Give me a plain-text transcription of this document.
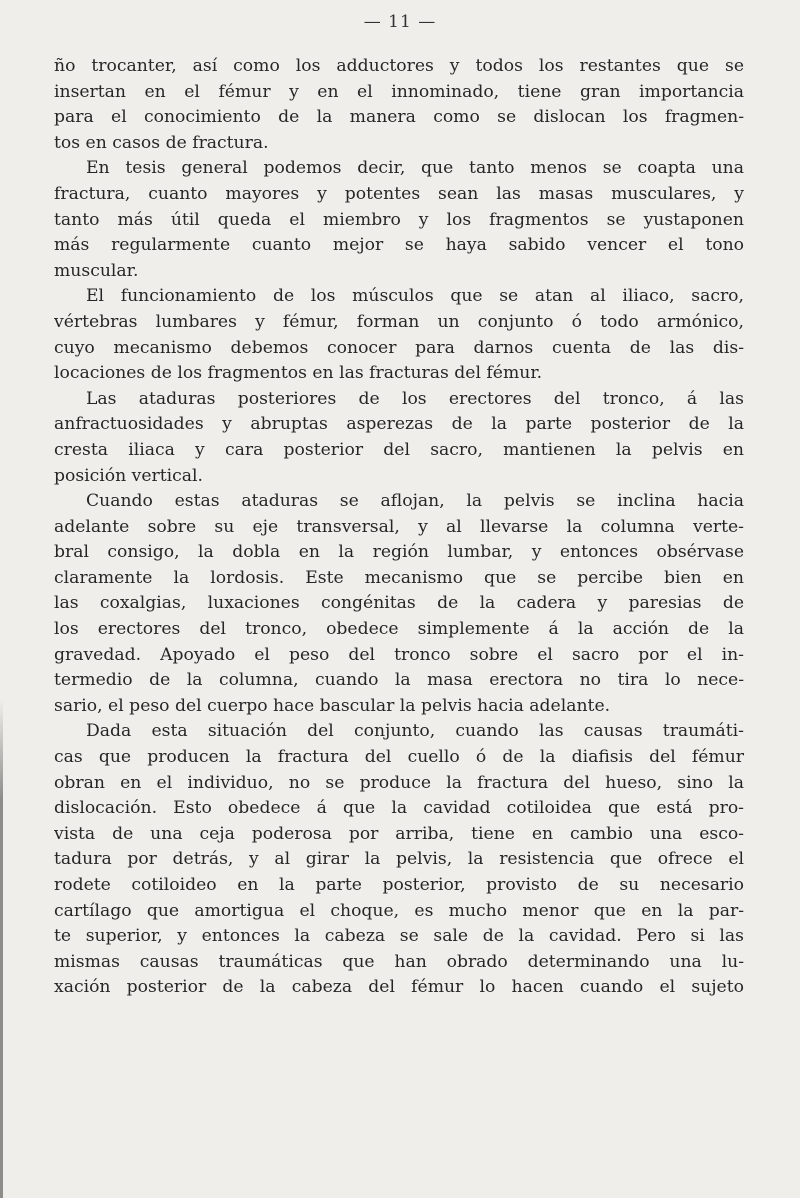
— 11 —
ño trocanter, así como los adductores y todos los restantes que se
insertan en el fémur y en el innominado, tiene gran importancia
para el conocimiento de la manera como se dislocan los fragmen-
tos en casos de fractura.
En tesis general podemos decir, que tanto menos se coapta una
fractura, cuanto mayores y potentes sean las masas musculares, y
tanto más útil queda el miembro y los fragmentos se yustaponen
más regularmente cuanto mejor se haya sabido vencer el tono
muscular.
El funcionamiento de los músculos que se atan al iliaco, sacro,
vértebras lumbares y fémur, forman un conjunto ó todo armónico,
cuyo mecanismo debemos conocer para darnos cuenta de las dis-
locaciones de los fragmentos en las fracturas del fémur.
Las ataduras posteriores de los erectores del tronco, á las
anfractuosidades y abruptas asperezas de la parte posterior de la
cresta iliaca y cara posterior del sacro, mantienen la pelvis en
posición vertical.
Cuando estas ataduras se aflojan, la pelvis se inclina hacia
adelante sobre su eje transversal, y al llevarse la columna verte-
bral consigo, la dobla en la región lumbar, y entonces obsérvase
claramente la lordosis. Este mecanismo que se percibe bien en
las coxalgias, luxaciones congénitas de la cadera y paresias de
los erectores del tronco, obedece simplemente á la acción de la
gravedad. Apoyado el peso del tronco sobre el sacro por el in-
termedio de la columna, cuando la masa erectora no tira lo nece-
sario, el peso del cuerpo hace bascular la pelvis hacia adelante.
Dada esta situación del conjunto, cuando las causas traumáti-
cas que producen la fractura del cuello ó de la diafisis del fémur
obran en el individuo, no se produce la fractura del hueso, sino la
dislocación. Esto obedece á que la cavidad cotiloidea que está pro-
vista de una ceja poderosa por arriba, tiene en cambio una esco-
tadura por detrás, y al girar la pelvis, la resistencia que ofrece el
rodete cotiloideo en la parte posterior, provisto de su necesario
cartílago que amortigua el choque, es mucho menor que en la par-
te superior, y entonces la cabeza se sale de la cavidad. Pero si las
mismas causas traumáticas que han obrado determinando una lu-
xación posterior de la cabeza del fémur lo hacen cuando el sujeto
